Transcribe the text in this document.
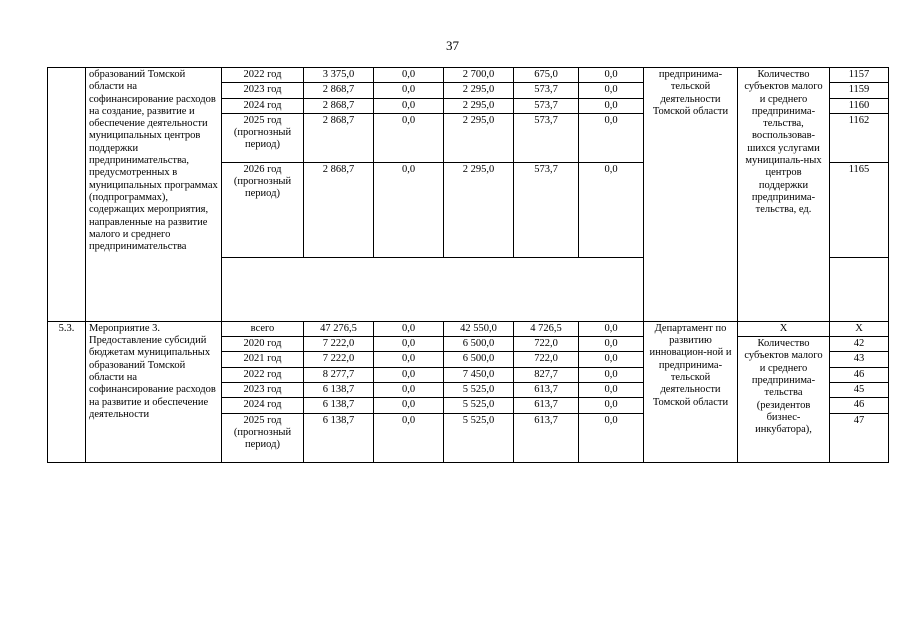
37
	образований Томской области на софинансирование расходов на создание, развитие и обеспечение деятельности муниципальных центров поддержки предпринимательства, предусмотренных в муниципальных программах (подпрограммах), содержащих мероприятия, направленные на развитие малого и среднего предпринимательства	2022 год	3 375,0	0,0	2 700,0	675,0	0,0	предпринима-тельской деятельности Томской области	Количество субъектов малого и среднего предпринима-тельства, воспользовав-шихся услугами муниципаль-ных центров поддержки предпринима-тельства, ед.	1157
		2023 год	2 868,7	0,0	2 295,0	573,7	0,0			1159
		2024 год	2 868,7	0,0	2 295,0	573,7	0,0			1160
		2025 год (прогнозный период)	2 868,7	0,0	2 295,0	573,7	0,0			1162
		2026 год (прогнозный период)	2 868,7	0,0	2 295,0	573,7	0,0			1165

5.3.	Мероприятие 3. Предоставление субсидий бюджетам муниципальных образований Томской области на софинансирование расходов на развитие и обеспечение деятельности	всего	47 276,5	0,0	42 550,0	4 726,5	0,0	Департамент по развитию инновацион-ной и предпринима-тельской деятельности Томской области	Х	Х
		2020 год	7 222,0	0,0	6 500,0	722,0	0,0		Количество субъектов малого и среднего предпринима-тельства (резидентов бизнес-инкубатора),	42
		2021 год	7 222,0	0,0	6 500,0	722,0	0,0			43
		2022 год	8 277,7	0,0	7 450,0	827,7	0,0			46
		2023 год	6 138,7	0,0	5 525,0	613,7	0,0			45
		2024 год	6 138,7	0,0	5 525,0	613,7	0,0			46
		2025 год (прогнозный период)	6 138,7	0,0	5 525,0	613,7	0,0			47
